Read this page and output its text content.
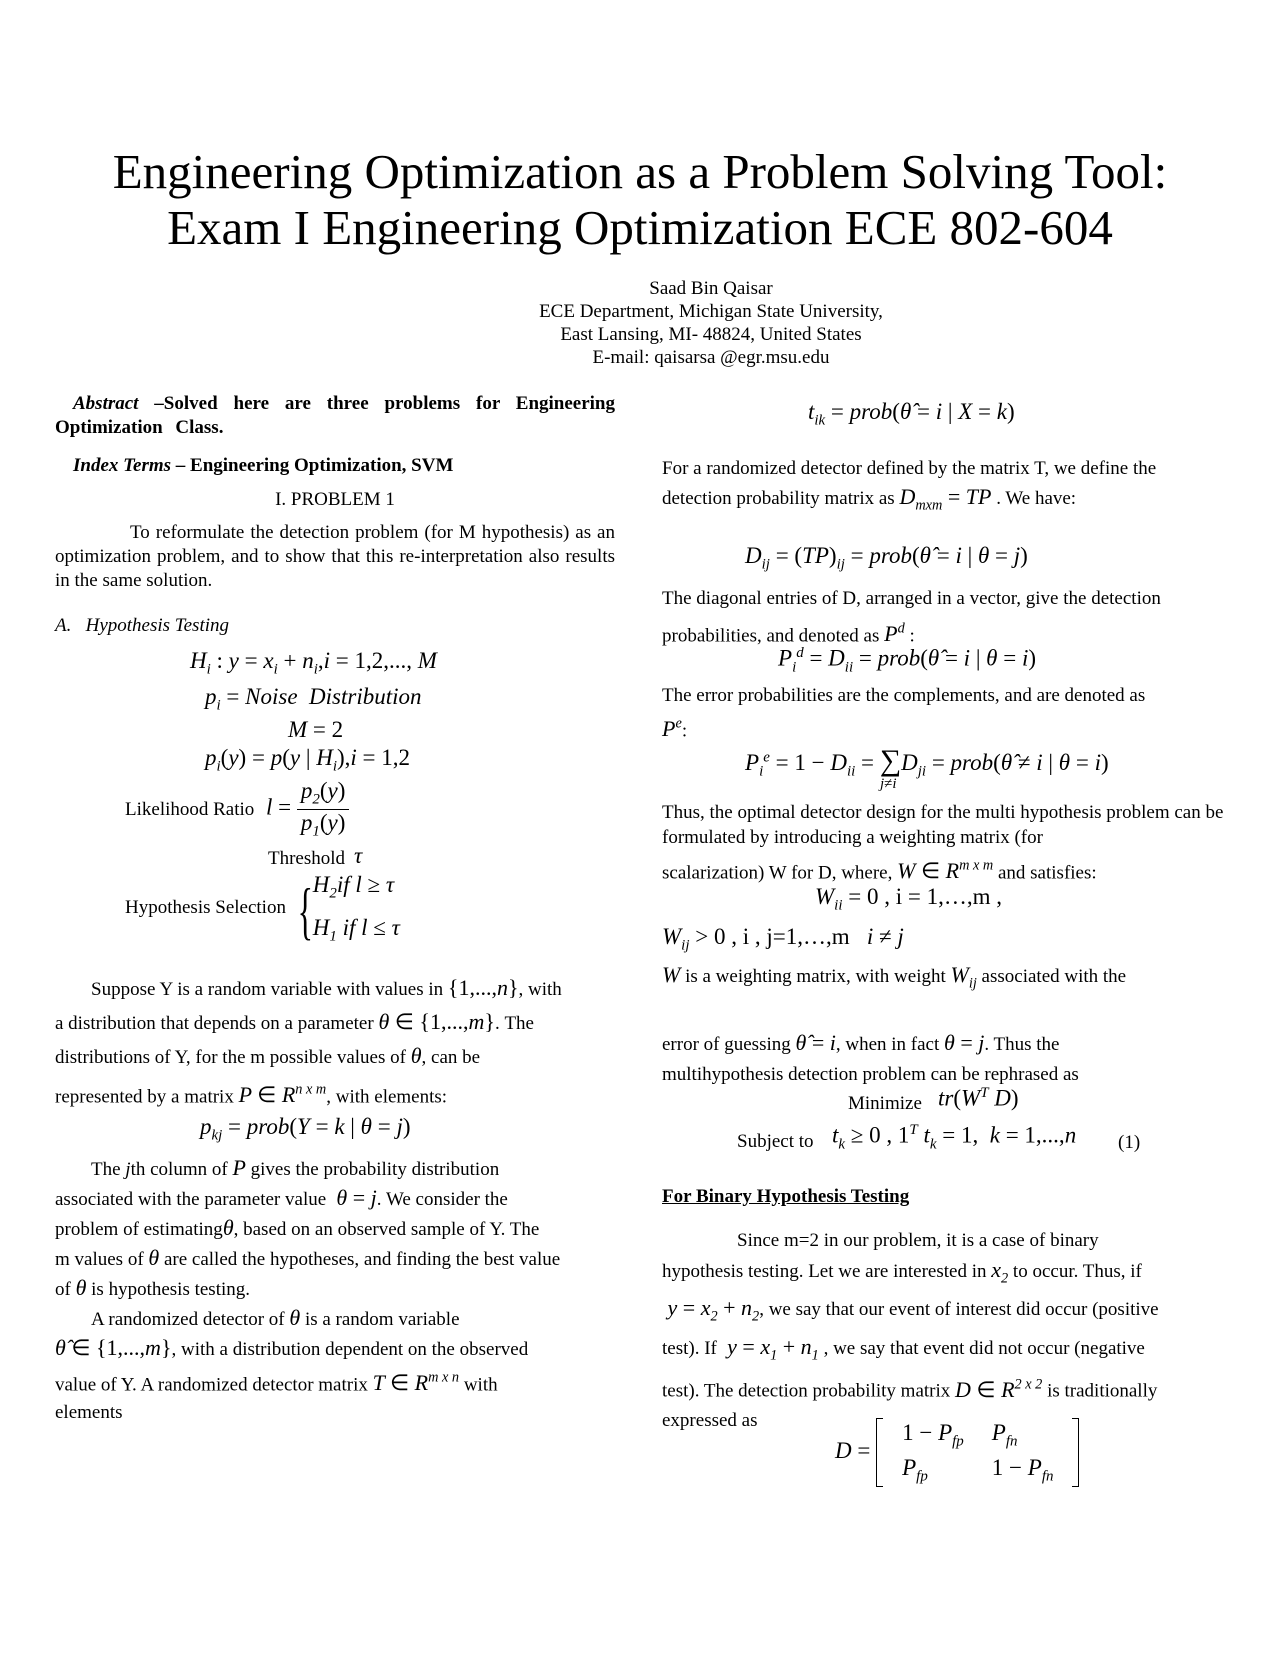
Engineering Optimization as a Problem Solving Tool:
Exam I Engineering Optimization ECE 802-604
Saad Bin Qaisar
ECE Department, Michigan State University,
East Lansing, MI- 48824, United States
E-mail: qaisarsa @egr.msu.edu
Abstract –Solved here are three problems for Engineering Optimization Class.
Index Terms – Engineering Optimization, SVM
I. PROBLEM 1
To reformulate the detection problem (for M hypothesis) as an optimization problem, and to show that this re-interpretation also results in the same solution.
A.   Hypothesis Testing
$H_i$ : $y = x_i + n_i,i = 1,2$,..., M
$p_i$ = Noise  Distribution
M = 2
$p_i(y) = p(y$ | $H_i),i = 1,2$
Likelihood Ratio $l = \frac{p_2(y)}{p_1(y)}$
Threshold τ
Hypothesis Selection {$H_2if$ l ≥ τ
$H_1$ if l ≤ τ
Suppose Y is a random variable with values in {1,...,n}, with
a distribution that depends on a parameter θ ∈ {1,...,m}. The
distributions of Y, for the m possible values of θ, can be
represented by a matrix P ∈ $R^{n x m}$, with elements:
$p_{kj}$ = prob(Y = k | θ = j)
The jth column of P gives the probability distribution
associated with the parameter value  θ = j. We consider the
problem of estimatingθ, based on an observed sample of Y. The
m values of θ are called the hypotheses, and finding the best value
of θ is hypothesis testing.
A randomized detector of θ is a random variable
θ̂ ∈ {1,...,m}, with a distribution dependent on the observed
value of Y. A randomized detector matrix T ∈ $R^{m x n}$ with
elements
$t_{ik}$ = prob(θ̂ = i | X = k)
For a randomized detector defined by the matrix T, we define the
detection probability matrix as $D_{mxm}$ = TP . We have:
$D_{ij} = (TP)_{ij}$ = prob(θ̂ = i | θ = j)
The diagonal entries of D, arranged in a vector, give the detection
probabilities, and denoted as $P^d$ :
$P_i^d = D_{ii}$ = prob(θ̂ = i | θ = i)
The error probabilities are the complements, and are denoted as
$P^e$:
$P_i^e = 1 - D_{ii} = \sum D_{ji}$ = prob(θ̂ ≠ i | θ = i)
j≠i
Thus, the optimal detector design for the multi hypothesis problem can be formulated by introducing a weighting matrix (for
scalarization) W for D, where, W ∈ $R^{m x m}$ and satisfies:
$W_{ii} = 0$ , i = 1,…,m ,
$W_{ij} > 0$ , i , j=1,…,m   i ≠ j
W is a weighting matrix, with weight $W_{ij}$ associated with the

error of guessing θ̂ = i, when in fact θ = j. Thus the
multihypothesis detection problem can be rephrased as
Minimize $tr(W^T$ D)
Subject to $t_k \ge 0$ , $1^T$ $t_k = 1$,  k = 1,...,n (1)
For Binary Hypothesis Testing
Since m=2 in our problem, it is a case of binary
hypothesis testing. Let we are interested in $x_2$ to occur. Thus, if
$y = x_2 + n_2$, we say that our event of interest did occur (positive
test). If  $y = x_1 + n_1$ , we say that event did not occur (negative
test). The detection probability matrix D ∈ $R^{2 x 2}$ is traditionally
expressed as
D =
$1 - P_{fp}$	$P_{fn}$
$P_{fp}$	$1 - P_{fn}$
